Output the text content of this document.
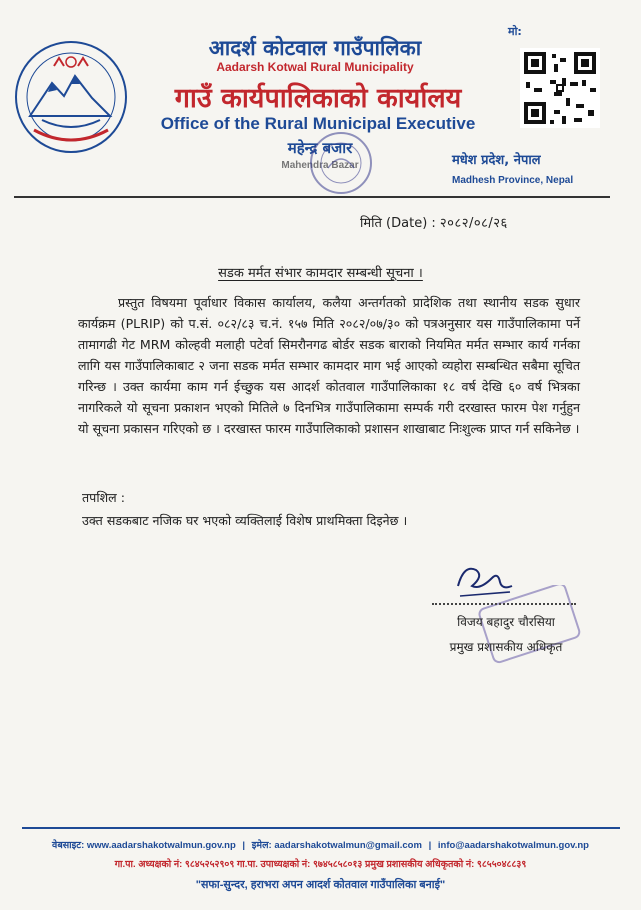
आदर्श कोटवाल गाउँपालिका
Aadarsh Kotwal Rural Municipality
गाउँ कार्यपालिकाको कार्यालय
Office of the Rural Municipal Executive
महेन्द्र बजार
Mahendra Bazar
मो:
मधेश प्रदेश, नेपाल
Madhesh Province, Nepal
मिति (Date) : २०८२/०८/२६
सडक मर्मत संभार कामदार सम्बन्धी सूचना ।
प्रस्तुत विषयमा पूर्वाधार विकास कार्यालय, कलैया अन्तर्गतको प्रादेशिक तथा स्थानीय सडक सुधार कार्यक्रम (PLRIP) को प.सं. ०८२/८३ च.नं. १५७ मिति २०८२/०७/३० को पत्रअनुसार यस गाउँपालिकामा पर्ने तामागढी गेट MRM कोल्हवी मलाही पटेर्वा सिमरौनगढ बोर्डर सडक बाराको नियमित मर्मत सम्भार कार्य गर्नका लागि यस गाउँपालिकाबाट २ जना सडक मर्मत सम्भार कामदार माग भई आएको व्यहोरा सम्बन्धित सबैमा सूचित गरिन्छ । उक्त कार्यमा काम गर्न ईच्छुक यस आदर्श कोतवाल गाउँपालिकाका १८ वर्ष देखि ६० वर्ष भित्रका नागरिकले यो सूचना प्रकाशन भएको मितिले ७ दिनभित्र गाउँपालिकामा सम्पर्क गरी दरखास्त फारम पेश गर्नुहुन यो सूचना प्रकासन गरिएको छ । दरखास्त फारम गाउँपालिकाको प्रशासन शाखाबाट निःशुल्क प्राप्त गर्न सकिनेछ ।
तपशिल :
उक्त सडकबाट नजिक घर भएको व्यक्तिलाई विशेष प्राथमिक्ता दिइनेछ ।
विजय बहादुर चौरसिया
प्रमुख प्रशासकीय अधिकृत
वेबसाइट: www.aadarshakotwalmun.gov.np | इमेल: aadarshakotwalmun@gmail.com | info@aadarshakotwalmun.gov.np
गा.पा. अध्यक्षको नं: ९८४५२५२९०९ गा.पा. उपाध्यक्षको नं: ९७४५८५८०१३ प्रमुख प्रशासकीय अधिकृतको नं: ९८५५०४८८३९
"सफा-सुन्दर, हराभरा अपन आदर्श कोतवाल गाउँपालिका बनाई"
